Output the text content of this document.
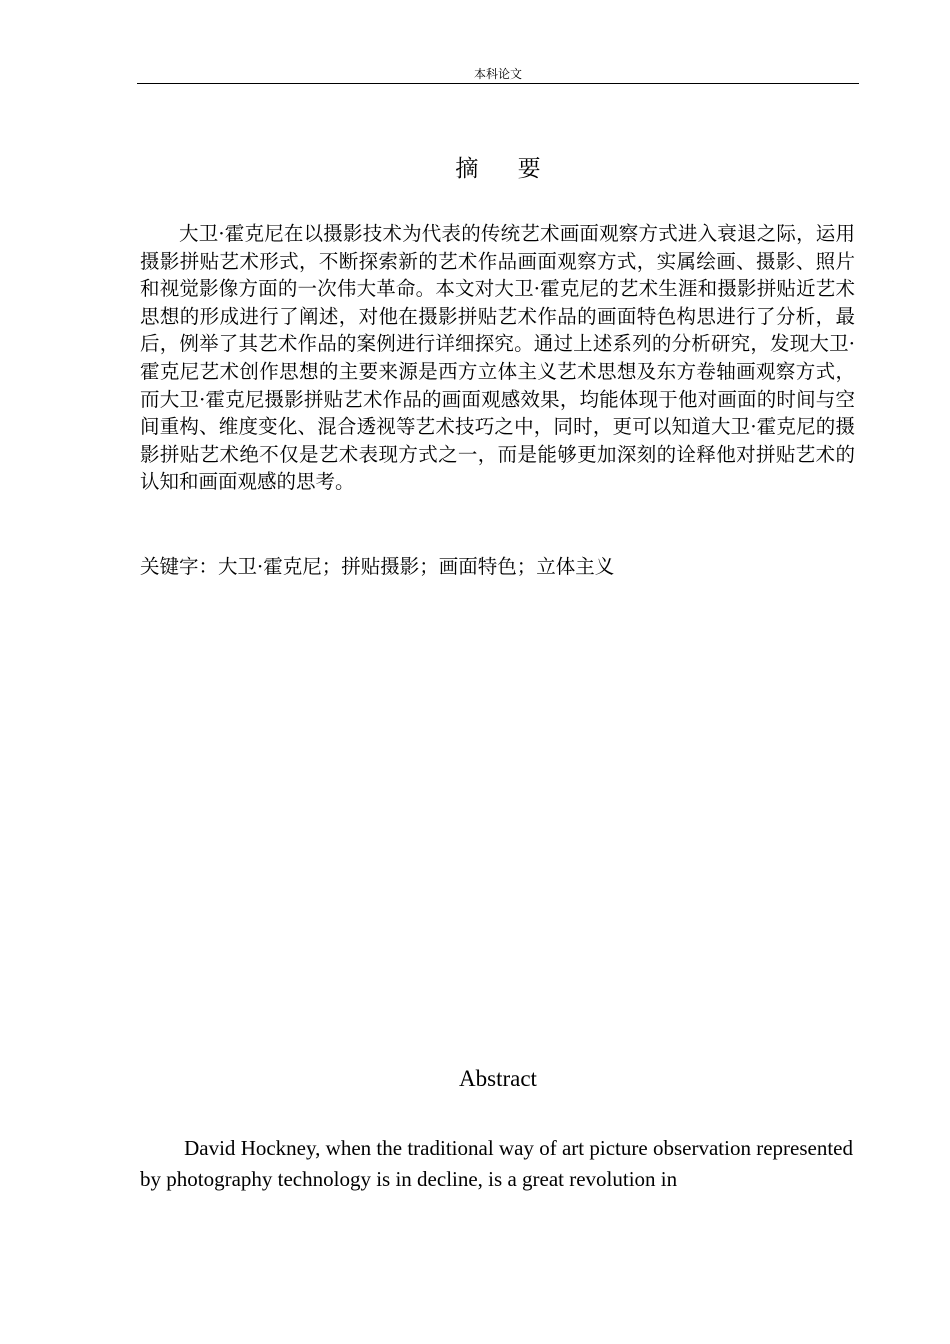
本科论文
摘 要

大卫·霍克尼在以摄影技术为代表的传统艺术画面观察方式进入衰退之际，运用摄影拼贴艺术形式，不断探索新的艺术作品画面观察方式，实属绘画、摄影、照片和视觉影像方面的一次伟大革命。本文对大卫·霍克尼的艺术生涯和摄影拼贴近艺术思想的形成进行了阐述，对他在摄影拼贴艺术作品的画面特色构思进行了分析，最后，例举了其艺术作品的案例进行详细探究。通过上述系列的分析研究，发现大卫·霍克尼艺术创作思想的主要来源是西方立体主义艺术思想及东方卷轴画观察方式，而大卫·霍克尼摄影拼贴艺术作品的画面观感效果，均能体现于他对画面的时间与空间重构、维度变化、混合透视等艺术技巧之中，同时，更可以知道大卫·霍克尼的摄影拼贴艺术绝不仅是艺术表现方式之一，而是能够更加深刻的诠释他对拼贴艺术的认知和画面观感的思考。

关键字：大卫·霍克尼；拼贴摄影；画面特色；立体主义

Abstract

David Hockney, when the traditional way of art picture observation represented by photography technology is in decline, is a great revolution in
